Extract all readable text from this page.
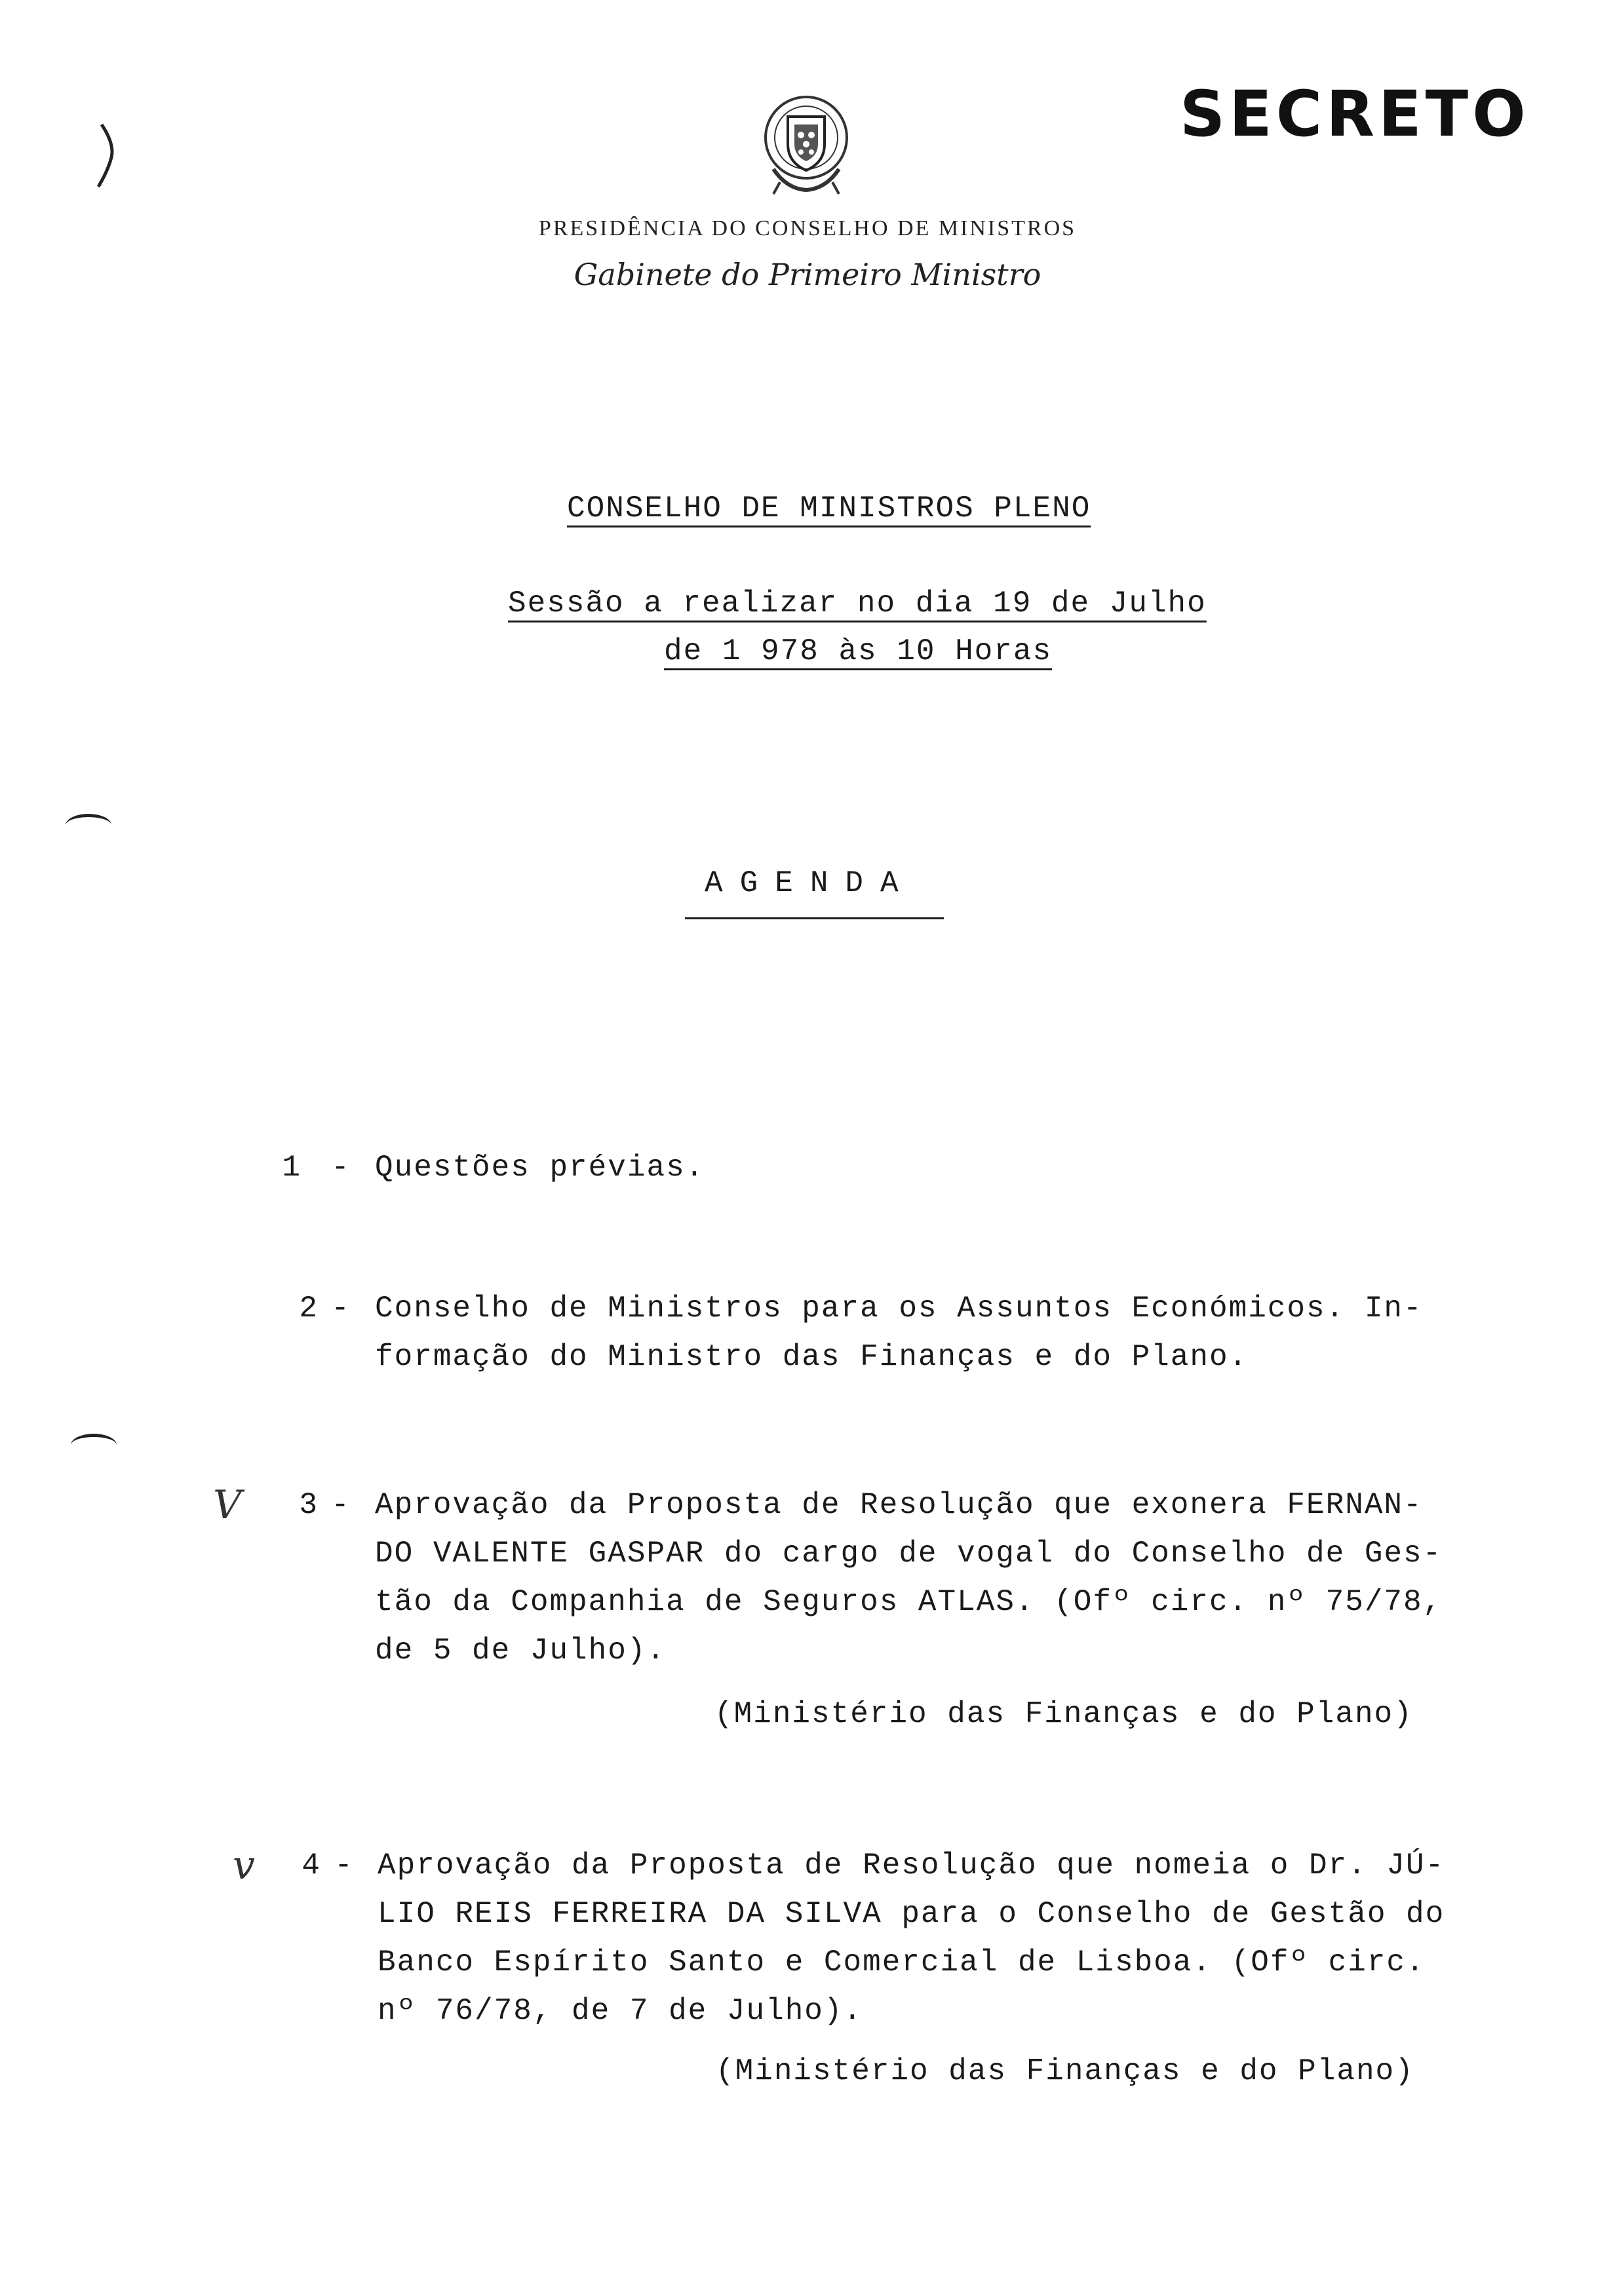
SECRETO
PRESIDÊNCIA DO CONSELHO DE MINISTROS
Gabinete do Primeiro Ministro
CONSELHO DE MINISTROS PLENO
Sessão a realizar no dia 19 de Julho
de 1 978 às 10 Horas
AGENDA
1 - Questões prévias.
2 - Conselho de Ministros para os Assuntos Económicos. In-
formação do Ministro das Finanças e do Plano.
V	3 - Aprovação da Proposta de Resolução que exonera FERNAN-
DO VALENTE GASPAR do cargo de vogal do Conselho de Ges-
tão da Companhia de Seguros ATLAS. (Ofº circ. nº 75/78,
de 5 de Julho).
(Ministério das Finanças e do Plano)
v	4 - Aprovação da Proposta de Resolução que nomeia o Dr. JÚ-
LIO REIS FERREIRA DA SILVA para o Conselho de Gestão do
Banco Espírito Santo e Comercial de Lisboa. (Ofº circ.
nº 76/78, de 7 de Julho).
(Ministério das Finanças e do Plano)
